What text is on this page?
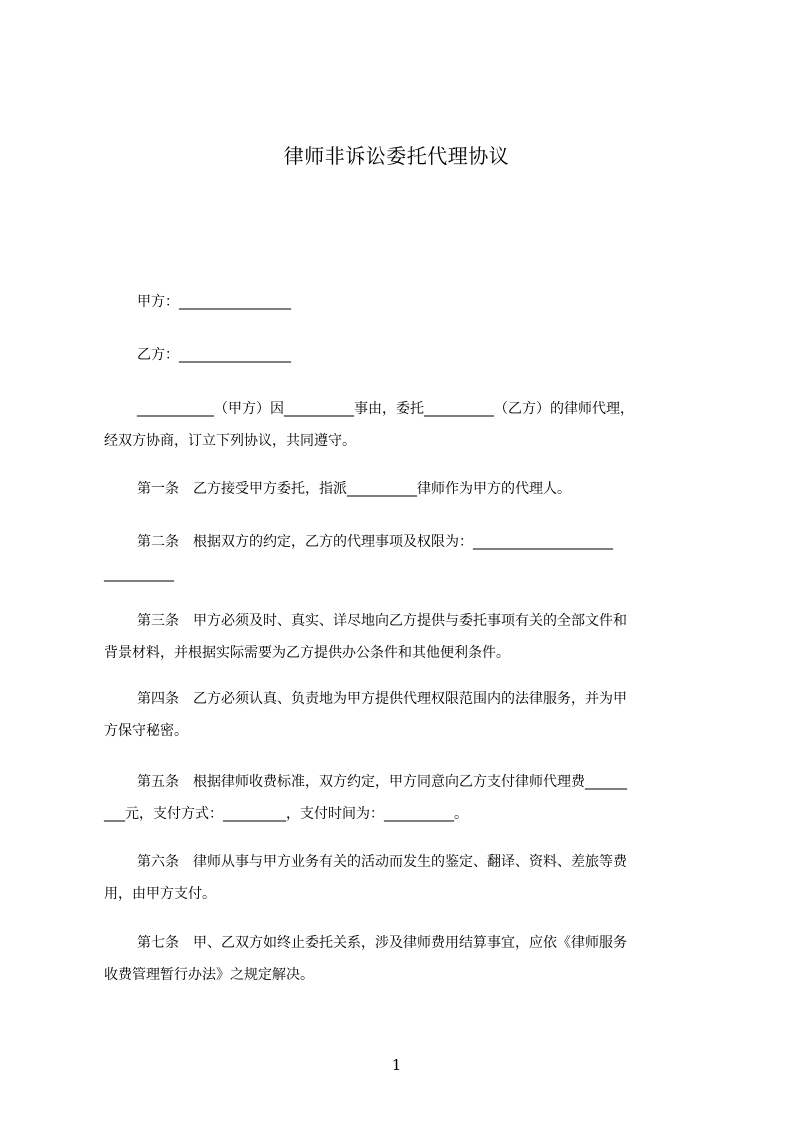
律师非诉讼委托代理协议
甲方：________________
乙方：________________
___________（甲方）因__________事由，委托__________（乙方）的律师代理，
经双方协商，订立下列协议，共同遵守。
第一条　乙方接受甲方委托，指派__________律师作为甲方的代理人。
第二条　根据双方的约定，乙方的代理事项及权限为：____________________
__________
第三条　甲方必须及时、真实、详尽地向乙方提供与委托事项有关的全部文件和
背景材料，并根据实际需要为乙方提供办公条件和其他便利条件。
第四条　乙方必须认真、负责地为甲方提供代理权限范围内的法律服务，并为甲
方保守秘密。
第五条　根据律师收费标准，双方约定，甲方同意向乙方支付律师代理费______
___元，支付方式：_________，支付时间为：__________。
第六条　律师从事与甲方业务有关的活动而发生的鉴定、翻译、资料、差旅等费
用，由甲方支付。
第七条　甲、乙双方如终止委托关系，涉及律师费用结算事宜，应依《律师服务
收费管理暂行办法》之规定解决。
1
